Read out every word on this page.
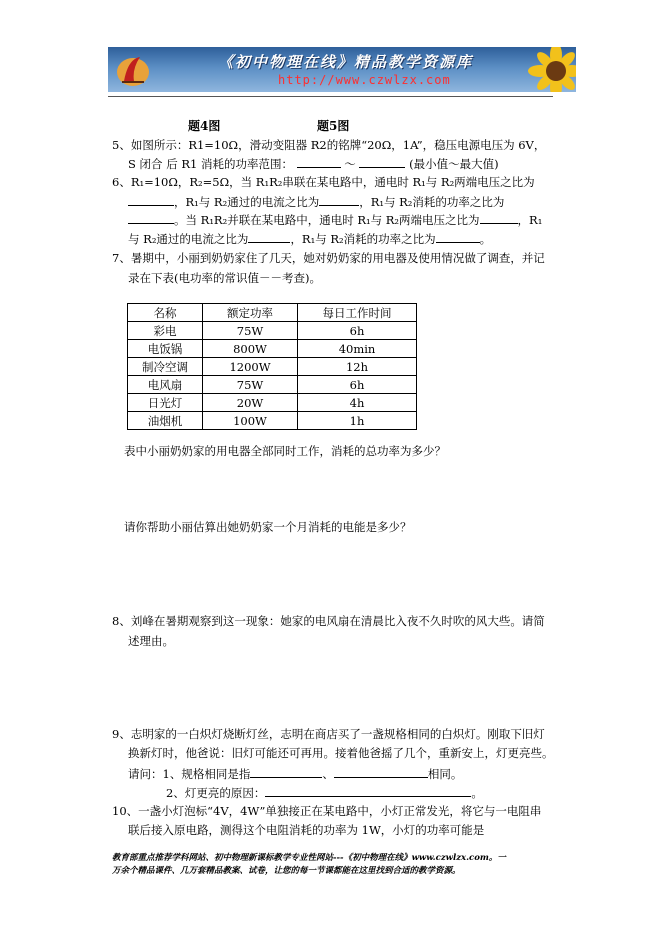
《初中物理在线》精品教学资源库
http://www.czwlzx.com
题4图	题5图
5、如图所示：R1=10Ω，滑动变阻器 R2的铭牌“20Ω，1A”，稳压电源电压为 6V，
S 闭合 后 R1 消耗的功率范围：	～	(最小值～最大值)
6、R₁=10Ω，R₂=5Ω，当 R₁R₂串联在某电路中，通电时 R₁与 R₂两端电压之比为
，R₁与 R₂通过的电流之比为	，R₁与 R₂消耗的功率之比为
。当 R₁R₂并联在某电路中，通电时 R₁与 R₂两端电压之比为	，R₁
与 R₂通过的电流之比为	，R₁与 R₂消耗的功率之比为	。
7、暑期中，小丽到奶奶家住了几天，她对奶奶家的用电器及使用情况做了调查，并记
录在下表(电功率的常识值－－考查)。
名称	额定功率	每日工作时间
彩电	75W	6h
电饭锅	800W	40min
制冷空调	1200W	12h
电风扇	75W	6h
日光灯	20W	4h
油烟机	100W	1h
表中小丽奶奶家的用电器全部同时工作，消耗的总功率为多少？
请你帮助小丽估算出她奶奶家一个月消耗的电能是多少？
8、刘峰在暑期观察到这一现象：她家的电风扇在清晨比入夜不久时吹的风大些。请简
述理由。
9、志明家的一白炽灯烧断灯丝，志明在商店买了一盏规格相同的白炽灯。刚取下旧灯
换新灯时，他爸说：旧灯可能还可再用。接着他爸摇了几个，重新安上，灯更亮些。
请问：1、规格相同是指	、	相同。
2、灯更亮的原因：	。
10、一盏小灯泡标“4V，4W”单独接正在某电路中，小灯正常发光，将它与一电阻串
联后接入原电路，测得这个电阻消耗的功率为 1W，小灯的功率可能是
教育部重点推荐学科网站、初中物理新课标教学专业性网站---《初中物理在线》www.czwlzx.com。一
万余个精品课件、几万套精品教案、试卷，让您的每一节课都能在这里找到合适的教学资源。
